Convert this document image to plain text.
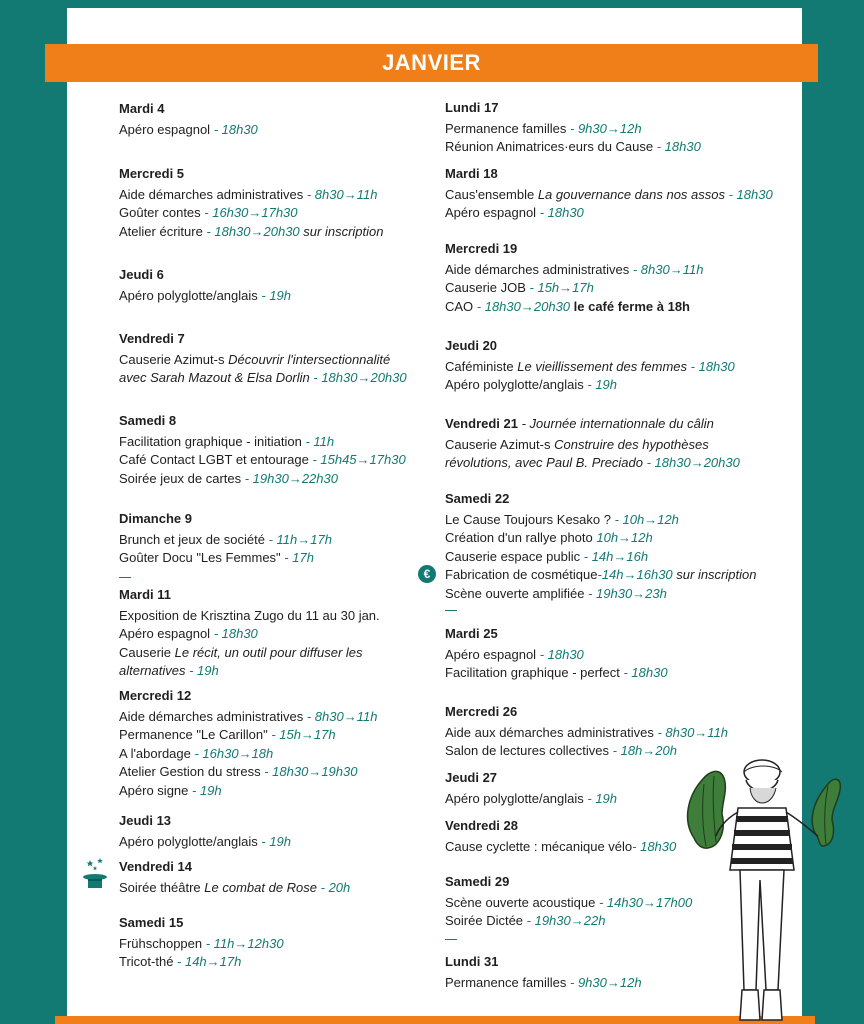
JANVIER
Mardi 4
Apéro espagnol - 18h30
Mercredi 5
Aide démarches administratives - 8h30→11h
Goûter contes - 16h30→17h30
Atelier écriture - 18h30→20h30 sur inscription
Jeudi 6
Apéro polyglotte/anglais - 19h
Vendredi 7
Causerie Azimut-s Découvrir l'intersectionnalité
avec Sarah Mazout & Elsa Dorlin - 18h30→20h30
Samedi 8
Facilitation graphique - initiation - 11h
Café Contact LGBT et entourage - 15h45→17h30
Soirée jeux de cartes - 19h30→22h30
Dimanche 9
Brunch et jeux de société - 11h→17h
Goûter Docu "Les Femmes" - 17h
Mardi 11
Exposition de Krisztina Zugo du 11 au 30 jan.
Apéro espagnol - 18h30
Causerie Le récit, un outil pour diffuser les
alternatives - 19h
Mercredi 12
Aide démarches administratives - 8h30→11h
Permanence "Le Carillon" - 15h→17h
A l'abordage - 16h30→18h
Atelier Gestion du stress - 18h30→19h30
Apéro signe - 19h
Jeudi 13
Apéro polyglotte/anglais - 19h
Vendredi 14
Soirée théâtre Le combat de Rose - 20h
Samedi 15
Frühschoppen - 11h→12h30
Tricot-thé - 14h→17h
Lundi 17
Permanence familles - 9h30→12h
Réunion Animatrices·eurs du Cause - 18h30
Mardi 18
Caus'ensemble La gouvernance dans nos assos - 18h30
Apéro espagnol - 18h30
Mercredi 19
Aide démarches administratives - 8h30→11h
Causerie JOB - 15h→17h
CAO - 18h30→20h30 le café ferme à 18h
Jeudi 20
Caféministe Le vieillissement des femmes - 18h30
Apéro polyglotte/anglais - 19h
Vendredi 21 - Journée internationnale du câlin
Causerie Azimut-s Construire des hypothèses
révolutions, avec Paul B. Preciado - 18h30→20h30
Samedi 22
Le Cause Toujours Kesako ? - 10h→12h
Création d'un rallye photo 10h→12h
Causerie espace public - 14h→16h
Fabrication de cosmétique-14h→16h30 sur inscription
Scène ouverte amplifiée - 19h30→23h
Mardi 25
Apéro espagnol - 18h30
Facilitation graphique - perfect - 18h30
Mercredi 26
Aide aux démarches administratives - 8h30→11h
Salon de lectures collectives - 18h→20h
Jeudi 27
Apéro polyglotte/anglais - 19h
Vendredi 28
Cause cyclette : mécanique vélo- 18h30
Samedi 29
Scène ouverte acoustique - 14h30→17h00
Soirée Dictée - 19h30→22h
Lundi 31
Permanence familles - 9h30→12h
€
